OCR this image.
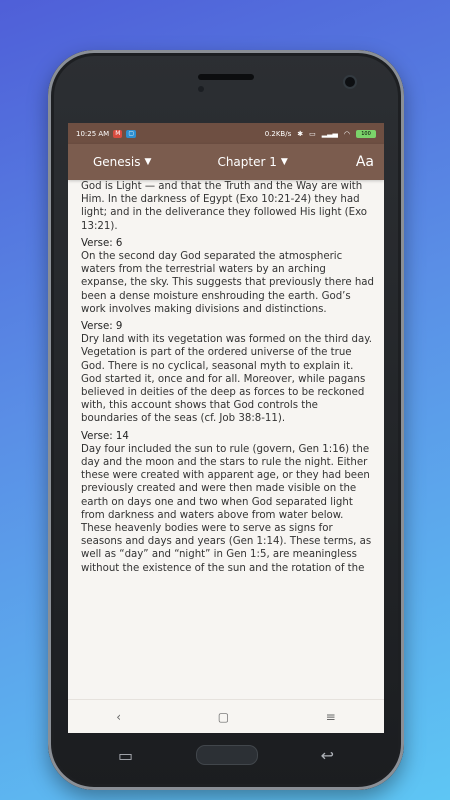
10:25 AM	M	▢	0.2KB/s ✱ ▭ ▂▃▄ ◠	100
Genesis ▼	Chapter 1 ▼	Aa

God is Light — and that the Truth and the Way are with Him. In the darkness of Egypt (Exo 10:21-24) they had light; and in the deliverance they followed His light (Exo 13:21).

Verse: 6

On the second day God separated the atmospheric waters from the terrestrial waters by an arching expanse, the sky. This suggests that previously there had been a dense moisture enshrouding the earth. God’s work involves making divisions and distinctions.

Verse: 9

Dry land with its vegetation was formed on the third day. Vegetation is part of the ordered universe of the true God. There is no cyclical, seasonal myth to explain it. God started it, once and for all. Moreover, while pagans believed in deities of the deep as forces to be reckoned with, this account shows that God controls the boundaries of the seas (cf. Job 38:8-11).

Verse: 14

Day four included the sun to rule (govern, Gen 1:16) the day and the moon and the stars to rule the night. Either these were created with apparent age, or they had been previously created and were then made visible on the earth on days one and two when God separated light from darkness and waters above from water below.

These heavenly bodies were to serve as signs for seasons and days and years (Gen 1:14). These terms, as well as “day” and “night” in Gen 1:5, are meaningless without the existence of the sun and the rotation of the

‹	▢	≡
▭	↩
